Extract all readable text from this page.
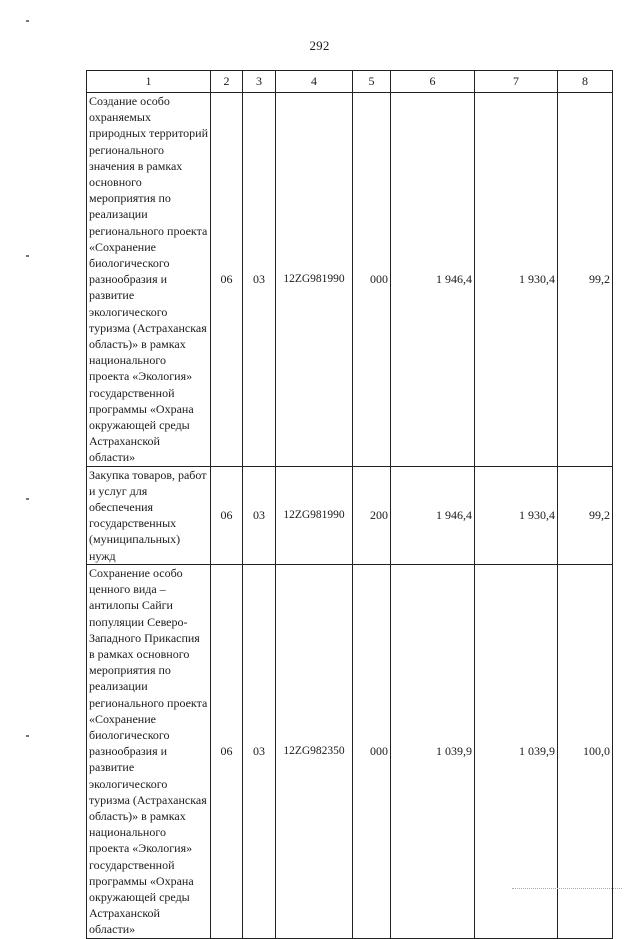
292
1	2	3	4	5	6	7	8
Создание особо охраняемых природных территорий регионального значения в рамках основного мероприятия по реализации регионального проекта «Сохранение биологического разнообразия и развитие экологического туризма (Астраханская область)» в рамках национального проекта «Экология» государственной программы «Охрана окружающей среды Астраханской области»	06	03	12ZG981990	000	1 946,4	1 930,4	99,2
Закупка товаров, работ и услуг для обеспечения государственных (муниципальных) нужд	06	03	12ZG981990	200	1 946,4	1 930,4	99,2
Сохранение особо ценного вида – антилопы Сайги популяции Северо-Западного Прикаспия в рамках основного мероприятия по реализации регионального проекта «Сохранение биологического разнообразия и развитие экологического туризма (Астраханская область)» в рамках национального проекта «Экология» государственной программы «Охрана окружающей среды Астраханской области»	06	03	12ZG982350	000	1 039,9	1 039,9	100,0
